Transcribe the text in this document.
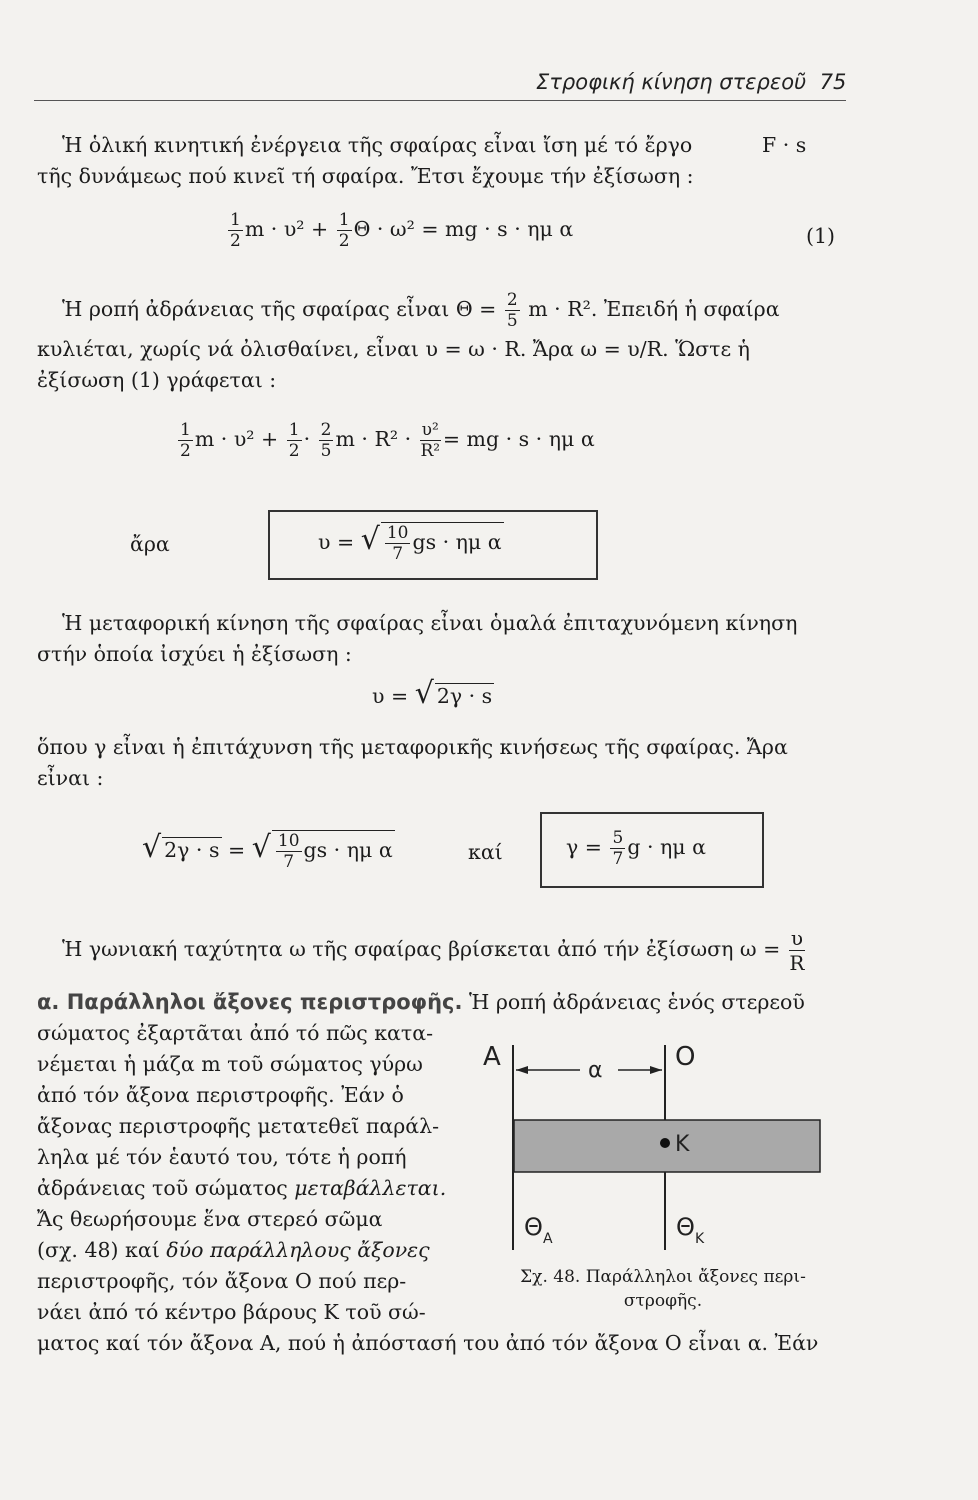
Στροφική κίνηση στερεοῦ 75
Ἡ ὁλική κινητική ἐνέργεια τῆς σφαίρας εἶναι ἴση μέ τό ἔργο	F · s
τῆς δυνάμεως πού κινεῖ τή σφαίρα. Ἔτσι ἔχουμε τήν ἐξίσωση :
$\frac{1}{2}$ $m \cdot \upsilon^2 + \frac{1}{2}$ Θ · ω² = mg · s · ημ α	(1)
Ἡ ροπή ἀδράνειας τῆς σφαίρας εἶναι $\Theta = \frac{2}{5}$ m · R². Ἐπειδή ἡ σφαίρα
κυλιέται, χωρίς νά ὀλισθαίνει, εἶναι υ = ω · R. Ἄρα ω = υ/R. Ὥστε ἡ
ἐξίσωση (1) γράφεται :
$\frac{1}{2}$ $m \cdot \upsilon^2 + \frac{1}{2} \cdot \frac{2}{5}$ $m \cdot R^2 \cdot \frac{\text{υ²}}{\text{R²}}$ = mg · s · ημ α
ἄρα	υ = √ $\frac{10}{7}$ gs · ημ α
Ἡ μεταφορική κίνηση τῆς σφαίρας εἶναι ὁμαλά ἐπιταχυνόμενη κίνηση
στήν ὁποία ἰσχύει ἡ ἐξίσωση :
υ = √ 2γ · s
ὅπου γ εἶναι ἡ ἐπιτάχυνση τῆς μεταφορικῆς κινήσεως τῆς σφαίρας. Ἄρα
εἶναι :
√ 2γ · s = √ $\frac{10}{7}$ gs · ημ α	καί	$\gamma = \frac{5}{7}$ g · ημ α
Ἡ γωνιακή ταχύτητα ω τῆς σφαίρας βρίσκεται ἀπό τήν ἐξίσωση $\omega = \frac{\upsilon}{R}$
α. Παράλληλοι ἄξονες περιστροφῆς. Ἡ ροπή ἀδράνειας ἑνός στερεοῦ
σώματος ἐξαρτᾶται ἀπό τό πῶς κατα-
νέμεται ἡ μάζα m τοῦ σώματος γύρω
ἀπό τόν ἄξονα περιστροφῆς. Ἐάν ὁ
ἄξονας περιστροφῆς μετατεθεῖ παράλ-
ληλα μέ τόν ἑαυτό του, τότε ἡ ροπή
ἀδράνειας τοῦ σώματος μεταβάλλεται.
Ἄς θεωρήσουμε ἕνα στερεό σῶμα
(σχ. 48) καί δύο παράλληλους ἄξονες
περιστροφῆς, τόν ἄξονα Ο πού περ-
νάει ἀπό τό κέντρο βάρους Κ τοῦ σώ-
ματος καί τόν ἄξονα Α, πού ἡ ἀπόστασή του ἀπό τόν ἄξονα Ο εἶναι α. Ἐάν
A	O
α
K
Θ A	Θ K
Σχ. 48. Παράλληλοι ἄξονες περι-
στροφῆς.
